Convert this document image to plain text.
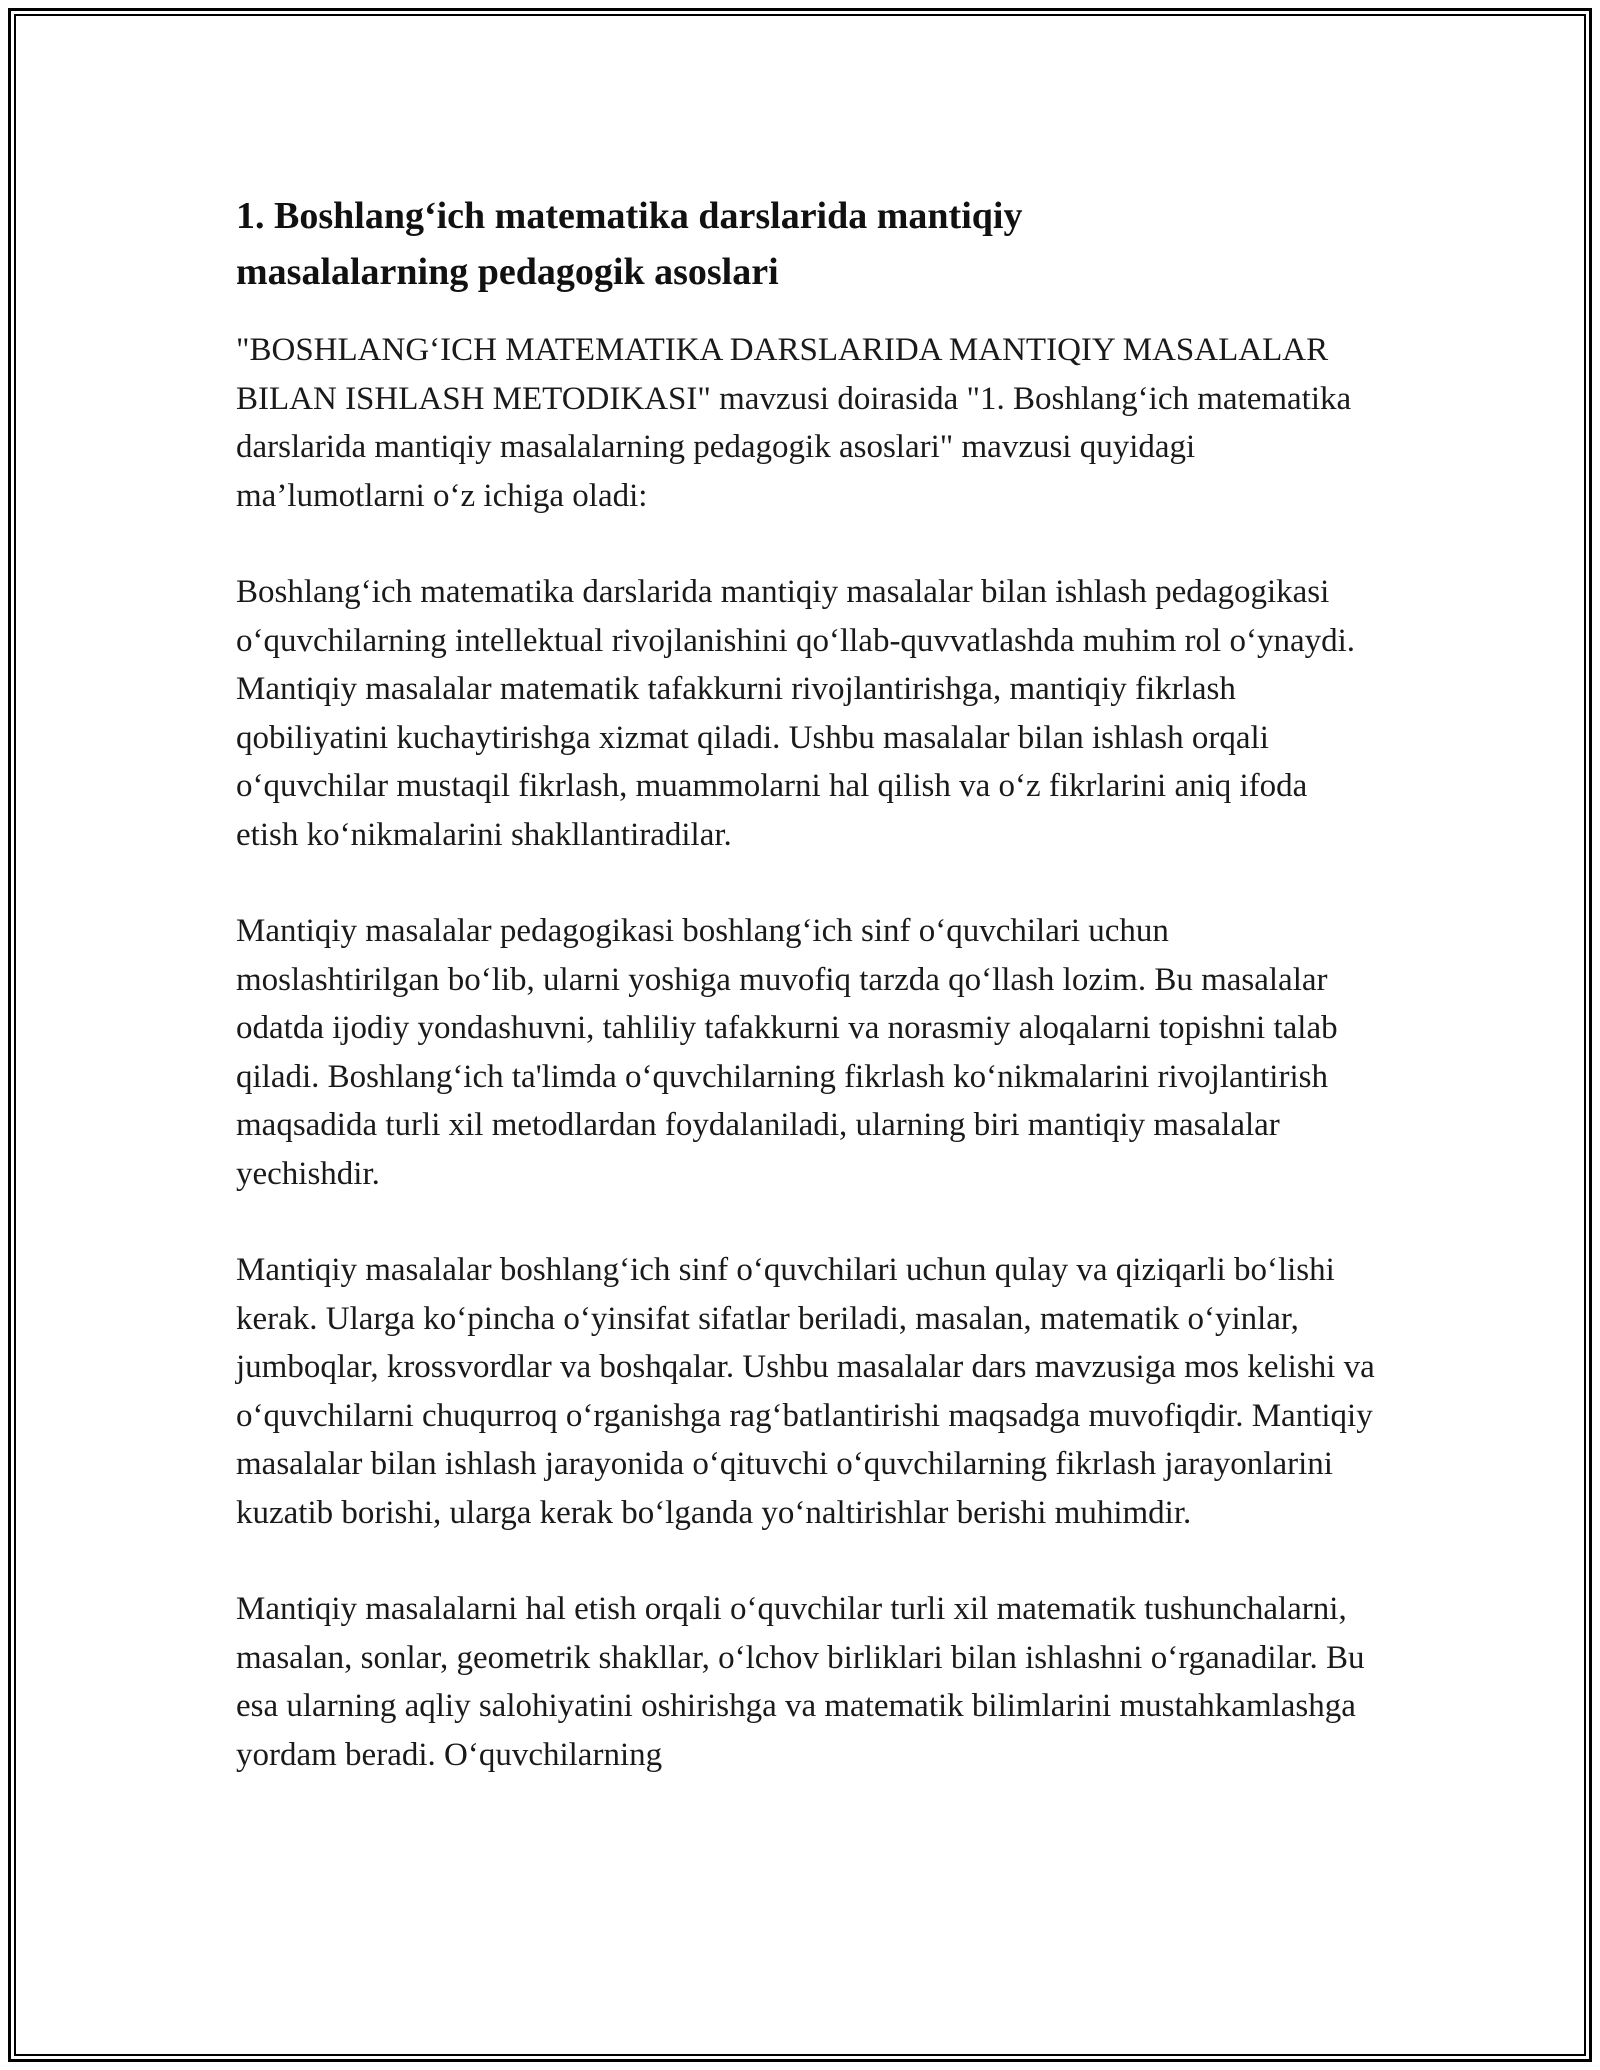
1. Boshlang‘ich matematika darslarida mantiqiy masalalarning pedagogik asoslari

"BOSHLANG‘ICH MATEMATIKA DARSLARIDA MANTIQIY MASALALAR BILAN ISHLASH METODIKASI" mavzusi doirasida "1. Boshlang‘ich matematika darslarida mantiqiy masalalarning pedagogik asoslari" mavzusi quyidagi ma’lumotlarni o‘z ichiga oladi:

Boshlang‘ich matematika darslarida mantiqiy masalalar bilan ishlash pedagogikasi o‘quvchilarning intellektual rivojlanishini qo‘llab-quvvatlashda muhim rol o‘ynaydi. Mantiqiy masalalar matematik tafakkurni rivojlantirishga, mantiqiy fikrlash qobiliyatini kuchaytirishga xizmat qiladi. Ushbu masalalar bilan ishlash orqali o‘quvchilar mustaqil fikrlash, muammolarni hal qilish va o‘z fikrlarini aniq ifoda etish ko‘nikmalarini shakllantiradilar.

Mantiqiy masalalar pedagogikasi boshlang‘ich sinf o‘quvchilari uchun moslashtirilgan bo‘lib, ularni yoshiga muvofiq tarzda qo‘llash lozim. Bu masalalar odatda ijodiy yondashuvni, tahliliy tafakkurni va norasmiy aloqalarni topishni talab qiladi. Boshlang‘ich ta'limda o‘quvchilarning fikrlash ko‘nikmalarini rivojlantirish maqsadida turli xil metodlardan foydalaniladi, ularning biri mantiqiy masalalar yechishdir.

Mantiqiy masalalar boshlang‘ich sinf o‘quvchilari uchun qulay va qiziqarli bo‘lishi kerak. Ularga ko‘pincha o‘yinsifat sifatlar beriladi, masalan, matematik o‘yinlar, jumboqlar, krossvordlar va boshqalar. Ushbu masalalar dars mavzusiga mos kelishi va o‘quvchilarni chuqurroq o‘rganishga rag‘batlantirishi maqsadga muvofiqdir. Mantiqiy masalalar bilan ishlash jarayonida o‘qituvchi o‘quvchilarning fikrlash jarayonlarini kuzatib borishi, ularga kerak bo‘lganda yo‘naltirishlar berishi muhimdir.

Mantiqiy masalalarni hal etish orqali o‘quvchilar turli xil matematik tushunchalarni, masalan, sonlar, geometrik shakllar, o‘lchov birliklari bilan ishlashni o‘rganadilar. Bu esa ularning aqliy salohiyatini oshirishga va matematik bilimlarini mustahkamlashga yordam beradi. O‘quvchilarning
